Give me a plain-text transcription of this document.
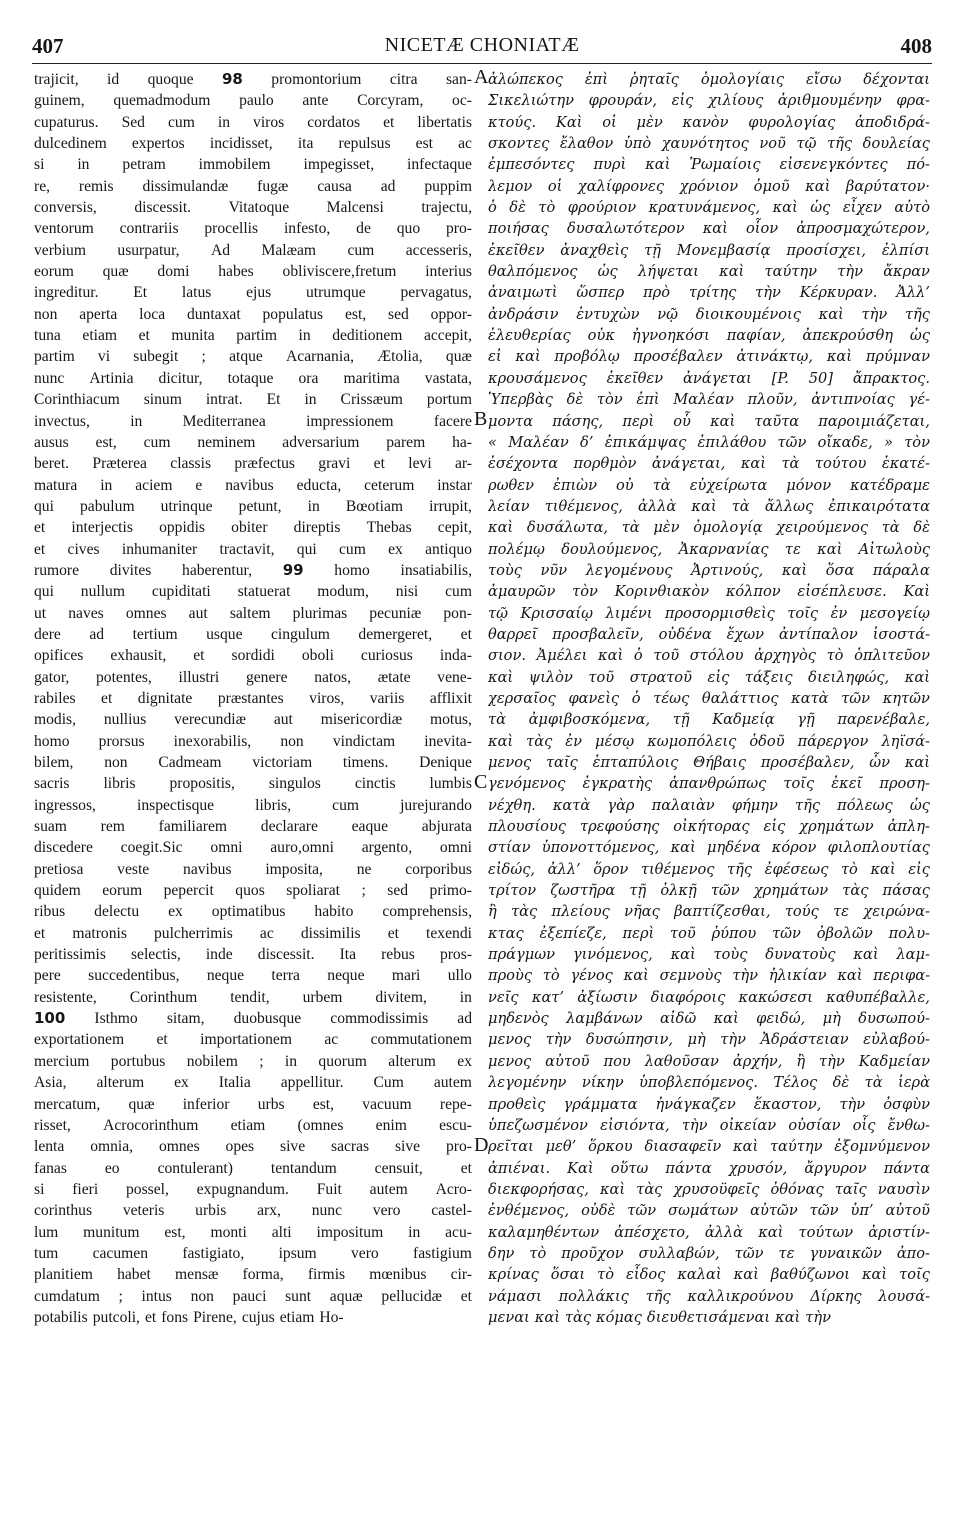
407	NICETÆ CHONIATÆ	408
trajicit, id quoque 98 promontorium citra san-
guinem, quemadmodum paulo ante Corcyram, oc-
cupaturus. Sed cum in viros cordatos et libertatis
dulcedinem expertos incidisset, ita repulsus est ac
si in petram immobilem impegisset, infectaque
re, remis dissimulandæ fugæ causa ad puppim
conversis, discessit. Vitatoque Malcensi trajectu,
ventorum contrariis procellis infesto, de quo pro-
verbium usurpatur, Ad Malæam cum accesseris,
eorum quæ domi habes obliviscere,fretum interius
ingreditur. Et latus ejus utrumque pervagatus,
non aperta loca duntaxat populatus est, sed oppor-
tuna etiam et munita partim in deditionem accepit,
partim vi subegit ; atque Acarnania, Ætolia, quæ
nunc Artinia dicitur, totaque ora maritima vastata,
Corinthiacum sinum intrat. Et in Crissæum portum
invectus,	in	Mediterranea	impressionem	facere
ausus est, cum neminem adversarium parem ha-
beret. Præterea classis præfectus gravi et levi ar-
matura in aciem e navibus educta, ceterum instar
qui pabulum utrinque petunt, in Bœotiam irrupit,
et interjectis oppidis obiter direptis Thebas cepit,
et cives inhumaniter tractavit, qui cum ex antiquo
rumore divites haberentur, 99 homo insatiabilis,
qui nullum cupiditati statuerat modum, nisi cum
ut naves omnes aut saltem plurimas pecuniæ pon-
dere ad tertium usque cingulum demergeret, et
opifices exhausit, et sordidi oboli curiosus inda-
gator, potentes, illustri genere natos, ætate vene-
rabiles et dignitate præstantes viros, variis afflixit
modis, nullius verecundiæ aut misericordiæ motus,
homo prorsus inexorabilis, non vindictam inevita-
bilem, non Cadmeam victoriam timens. Denique
sacris libris propositis, singulos cinctis lumbis
ingressos,	inspectisque	libris,	cum	jurejurando
suam rem familiarem declarare eaque abjurata
discedere coegit.Sic omni auro,omni argento, omni
pretiosa veste navibus imposita, ne corporibus
quidem eorum pepercit quos spoliarat ; sed primo-
ribus delectu ex optimatibus habito comprehensis,
et matronis pulcherrimis ac dissimilis et texendi
peritissimis selectis, inde discessit. Ita rebus pros-
pere succedentibus, neque terra neque mari ullo
resistente, Corinthum tendit, urbem divitem, in
100 Isthmo sitam, duobusque commodissimis ad
exportationem et importationem ac commutationem
mercium portubus nobilem ; in quorum alterum ex
Asia, alterum ex Italia appellitur. Cum autem
mercatum, quæ inferior urbs est, vacuum repe-
risset, Acrocorinthum etiam (omnes enim escu-
lenta omnia, omnes opes sive sacras sive pro-
fanas eo contulerant) tentandum censuit, et
si fieri possel, expugnandum. Fuit autem Acro-
corinthus veteris urbis arx, nunc vero castel-
lum munitum est, monti alti impositum in acu-
tum cacumen fastigiato, ipsum vero fastigium
planitiem habet mensæ forma, firmis mœnibus cir-
cumdatum ; intus non pauci sunt aquæ pellucidæ et
potabilis putcoli, et fons Pirene, cujus etiam Ho-
ἀλώπεκος ἐπὶ ῥηταῖς ὁμολογίαις εἴσω δέχονται
Σικελιώτην φρουράν, εἰς χιλίους ἀριθμουμένην φρα-
κτούς. Καὶ οἱ μὲν κανὸν φυρολογίας ἀποδιδρά-
σκοντες ἔλαθον ὑπὸ χαυνότητος νοῦ τῷ τῆς δουλείας
ἐμπεσόντες πυρὶ καὶ Ῥωμαίοις εἰσενεγκόντες πό-
λεμον οἱ χαλίφρονες χρόνιον ὁμοῦ καὶ βαρύτατον·
ὁ δὲ τὸ φρούριον κρατυνάμενος, καὶ ὡς εἶχεν αὐτὸ
ποιήσας δυσαλωτότερον καὶ οἷον ἀπροσμαχώτερον,
ἐκεῖθεν ἀναχθεὶς τῇ Μονεμβασίᾳ προσίσχει, ἐλπίσι
θαλπόμενος ὡς λήψεται καὶ ταύτην τὴν ἄκραν
ἀναιμωτὶ ὥσπερ πρὸ τρίτης τὴν Κέρκυραν. Ἀλλ’
ἀνδράσιν ἐντυχὼν νῷ διοικουμένοις καὶ τὴν τῆς
ἐλευθερίας οὐκ ἠγνοηκόσι παφίαν, ἀπεκρούσθη ὡς
εἰ καὶ προβόλῳ προσέβαλεν ἀτινάκτῳ, καὶ πρύμναν
κρουσάμενος ἐκεῖθεν ἀνάγεται [P. 50] ἄπρακτος.
Ὑπερβὰς δὲ τὸν ἐπὶ Μαλέαν πλοῦν, ἀντιπνοίας γέ-
μοντα πάσης, περὶ οὗ καὶ ταῦτα παροιμιάζεται,
« Μαλέαν δ’ ἐπικάμψας ἐπιλάθου τῶν οἴκαδε, » τὸν
ἐσέχοντα πορθμὸν ἀνάγεται, καὶ τὰ τούτου ἑκατέ-
ρωθεν ἐπιὼν οὐ τὰ εὐχείρωτα μόνον κατέδραμε
λείαν τιθέμενος, ἀλλὰ καὶ τὰ ἄλλως ἐπικαιρότατα
καὶ δυσάλωτα, τὰ μὲν ὁμολογίᾳ χειρούμενος τὰ δὲ
πολέμῳ δουλούμενος, Ἀκαρνανίας τε καὶ Αἰτωλοὺς
τοὺς νῦν λεγομένους Ἀρτινούς, καὶ ὅσα πάραλα
ἀμαυρῶν τὸν Κορινθιακὸν κόλπον εἰσέπλευσε. Καὶ
τῷ Κρισσαίῳ λιμένι προσορμισθεὶς τοῖς ἐν μεσογείῳ
θαρρεῖ προσβαλεῖν, οὐδένα ἔχων ἀντίπαλον ἰσοστά-
σιον. Ἀμέλει καὶ ὁ τοῦ στόλου ἀρχηγὸς τὸ ὁπλιτεῦον
καὶ ψιλὸν τοῦ στρατοῦ εἰς τάξεις διειληφώς, καὶ
χερσαῖος φανεὶς ὁ τέως θαλάττιος κατὰ τῶν κητῶν
τὰ ἀμφιβοσκόμενα, τῇ Καδμείᾳ γῇ παρενέβαλε,
καὶ τὰς ἐν μέσῳ κωμοπόλεις ὁδοῦ πάρεργον ληϊσά-
μενος ταῖς ἑπταπύλοις Θήβαις προσέβαλεν, ὧν καὶ
γενόμενος ἐγκρατὴς ἀπανθρώπως τοῖς ἐκεῖ προση-
νέχθη. κατὰ γὰρ παλαιὰν φήμην τῆς πόλεως ὡς
πλουσίους τρεφούσης οἰκήτορας εἰς χρημάτων ἀπλη-
στίαν ὑπονοττόμενος, καὶ μηδένα κόρον φιλοπλουτίας
εἰδώς, ἀλλ’ ὅρον τιθέμενος τῆς ἐφέσεως τὸ καὶ εἰς
τρίτον ζωστῆρα τῇ ὁλκῇ τῶν χρημάτων τὰς πάσας
ἢ τὰς πλείους νῆας βαπτίζεσθαι, τούς τε χειρώνα-
κτας ἐξεπίεζε, περὶ τοῦ ῥύπου τῶν ὀβολῶν πολυ-
πράγμων γινόμενος, καὶ τοὺς δυνατοὺς καὶ λαμ-
προὺς τὸ γένος καὶ σεμνοὺς τὴν ἡλικίαν καὶ περιφα-
νεῖς κατ’ ἀξίωσιν διαφόροις κακώσεσι καθυπέβαλλε,
μηδενὸς λαμβάνων αἰδῶ καὶ φειδώ, μὴ δυσωπού-
μενος τὴν δυσώπησιν, μὴ τὴν Ἀδράστειαν εὐλαβού-
μενος αὐτοῦ που λαθοῦσαν ἀρχήν, ἢ τὴν Καδμείαν
λεγομένην νίκην ὑποβλεπόμενος. Τέλος δὲ τὰ ἱερὰ
προθεὶς γράμματα ἠνάγκαζεν ἕκαστον, τὴν ὀσφὺν
ὑπεζωσμένον εἰσιόντα, τὴν οἰκείαν οὐσίαν οἷς ἔνθω-
ρεῖται μεθ’ ὅρκου διασαφεῖν καὶ ταύτην ἐξομνύμενον
ἀπιέναι. Καὶ οὕτω πάντα χρυσόν, ἄργυρον πάντα
διεκφορήσας, καὶ τὰς χρυσοϋφεῖς ὀθόνας ταῖς ναυσὶν
ἐνθέμενος, οὐδὲ τῶν σωμάτων αὐτῶν τῶν ὑπ’ αὐτοῦ
καλαμηθέντων ἀπέσχετο, ἀλλὰ καὶ τούτων ἀριστίν-
δην τὸ προῦχον συλλαβών, τῶν τε γυναικῶν ἀπο-
κρίνας ὅσαι τὸ εἶδος καλαὶ καὶ βαθύζωνοι καὶ τοῖς
νάμασι πολλάκις τῆς καλλικρούνου Δίρκης λουσά-
μεναι καὶ τὰς κόμας διευθετισάμεναι καὶ τὴν
A
B
C
D
